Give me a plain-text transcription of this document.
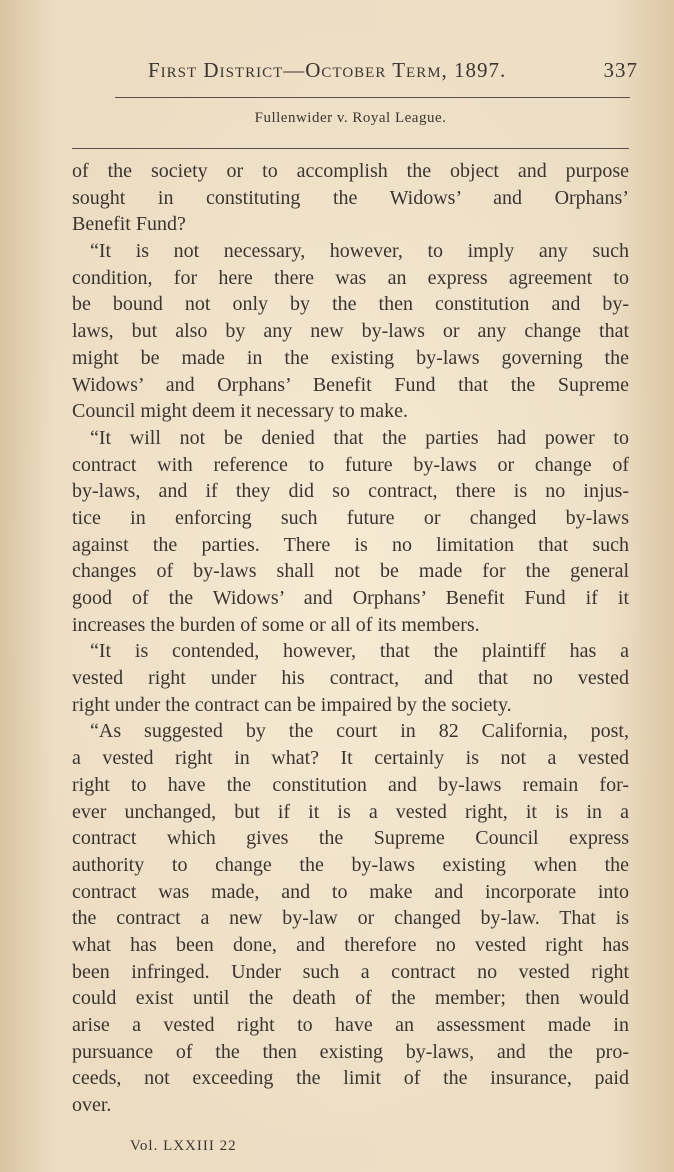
First District—October Term, 1897.	337
Fullenwider v. Royal League.
of the society or to accomplish the object and purpose
sought in constituting the Widows’ and Orphans’
Benefit Fund?
“It is not necessary, however, to imply any such
condition, for here there was an express agreement to
be bound not only by the then constitution and by-
laws, but also by any new by-laws or any change that
might be made in the existing by-laws governing the
Widows’ and Orphans’ Benefit Fund that the Supreme
Council might deem it necessary to make.
“It will not be denied that the parties had power to
contract with reference to future by-laws or change of
by-laws, and if they did so contract, there is no injus-
tice in enforcing such future or changed by-laws
against the parties. There is no limitation that such
changes of by-laws shall not be made for the general
good of the Widows’ and Orphans’ Benefit Fund if it
increases the burden of some or all of its members.
“It is contended, however, that the plaintiff has a
vested right under his contract, and that no vested
right under the contract can be impaired by the society.
“As suggested by the court in 82 California, post,
a vested right in what? It certainly is not a vested
right to have the constitution and by-laws remain for-
ever unchanged, but if it is a vested right, it is in a
contract which gives the Supreme Council express
authority to change the by-laws existing when the
contract was made, and to make and incorporate into
the contract a new by-law or changed by-law. That is
what has been done, and therefore no vested right has
been infringed. Under such a contract no vested right
could exist until the death of the member; then would
arise a vested right to have an assessment made in
pursuance of the then existing by-laws, and the pro-
ceeds, not exceeding the limit of the insurance, paid
over.
Vol. LXXIII 22
